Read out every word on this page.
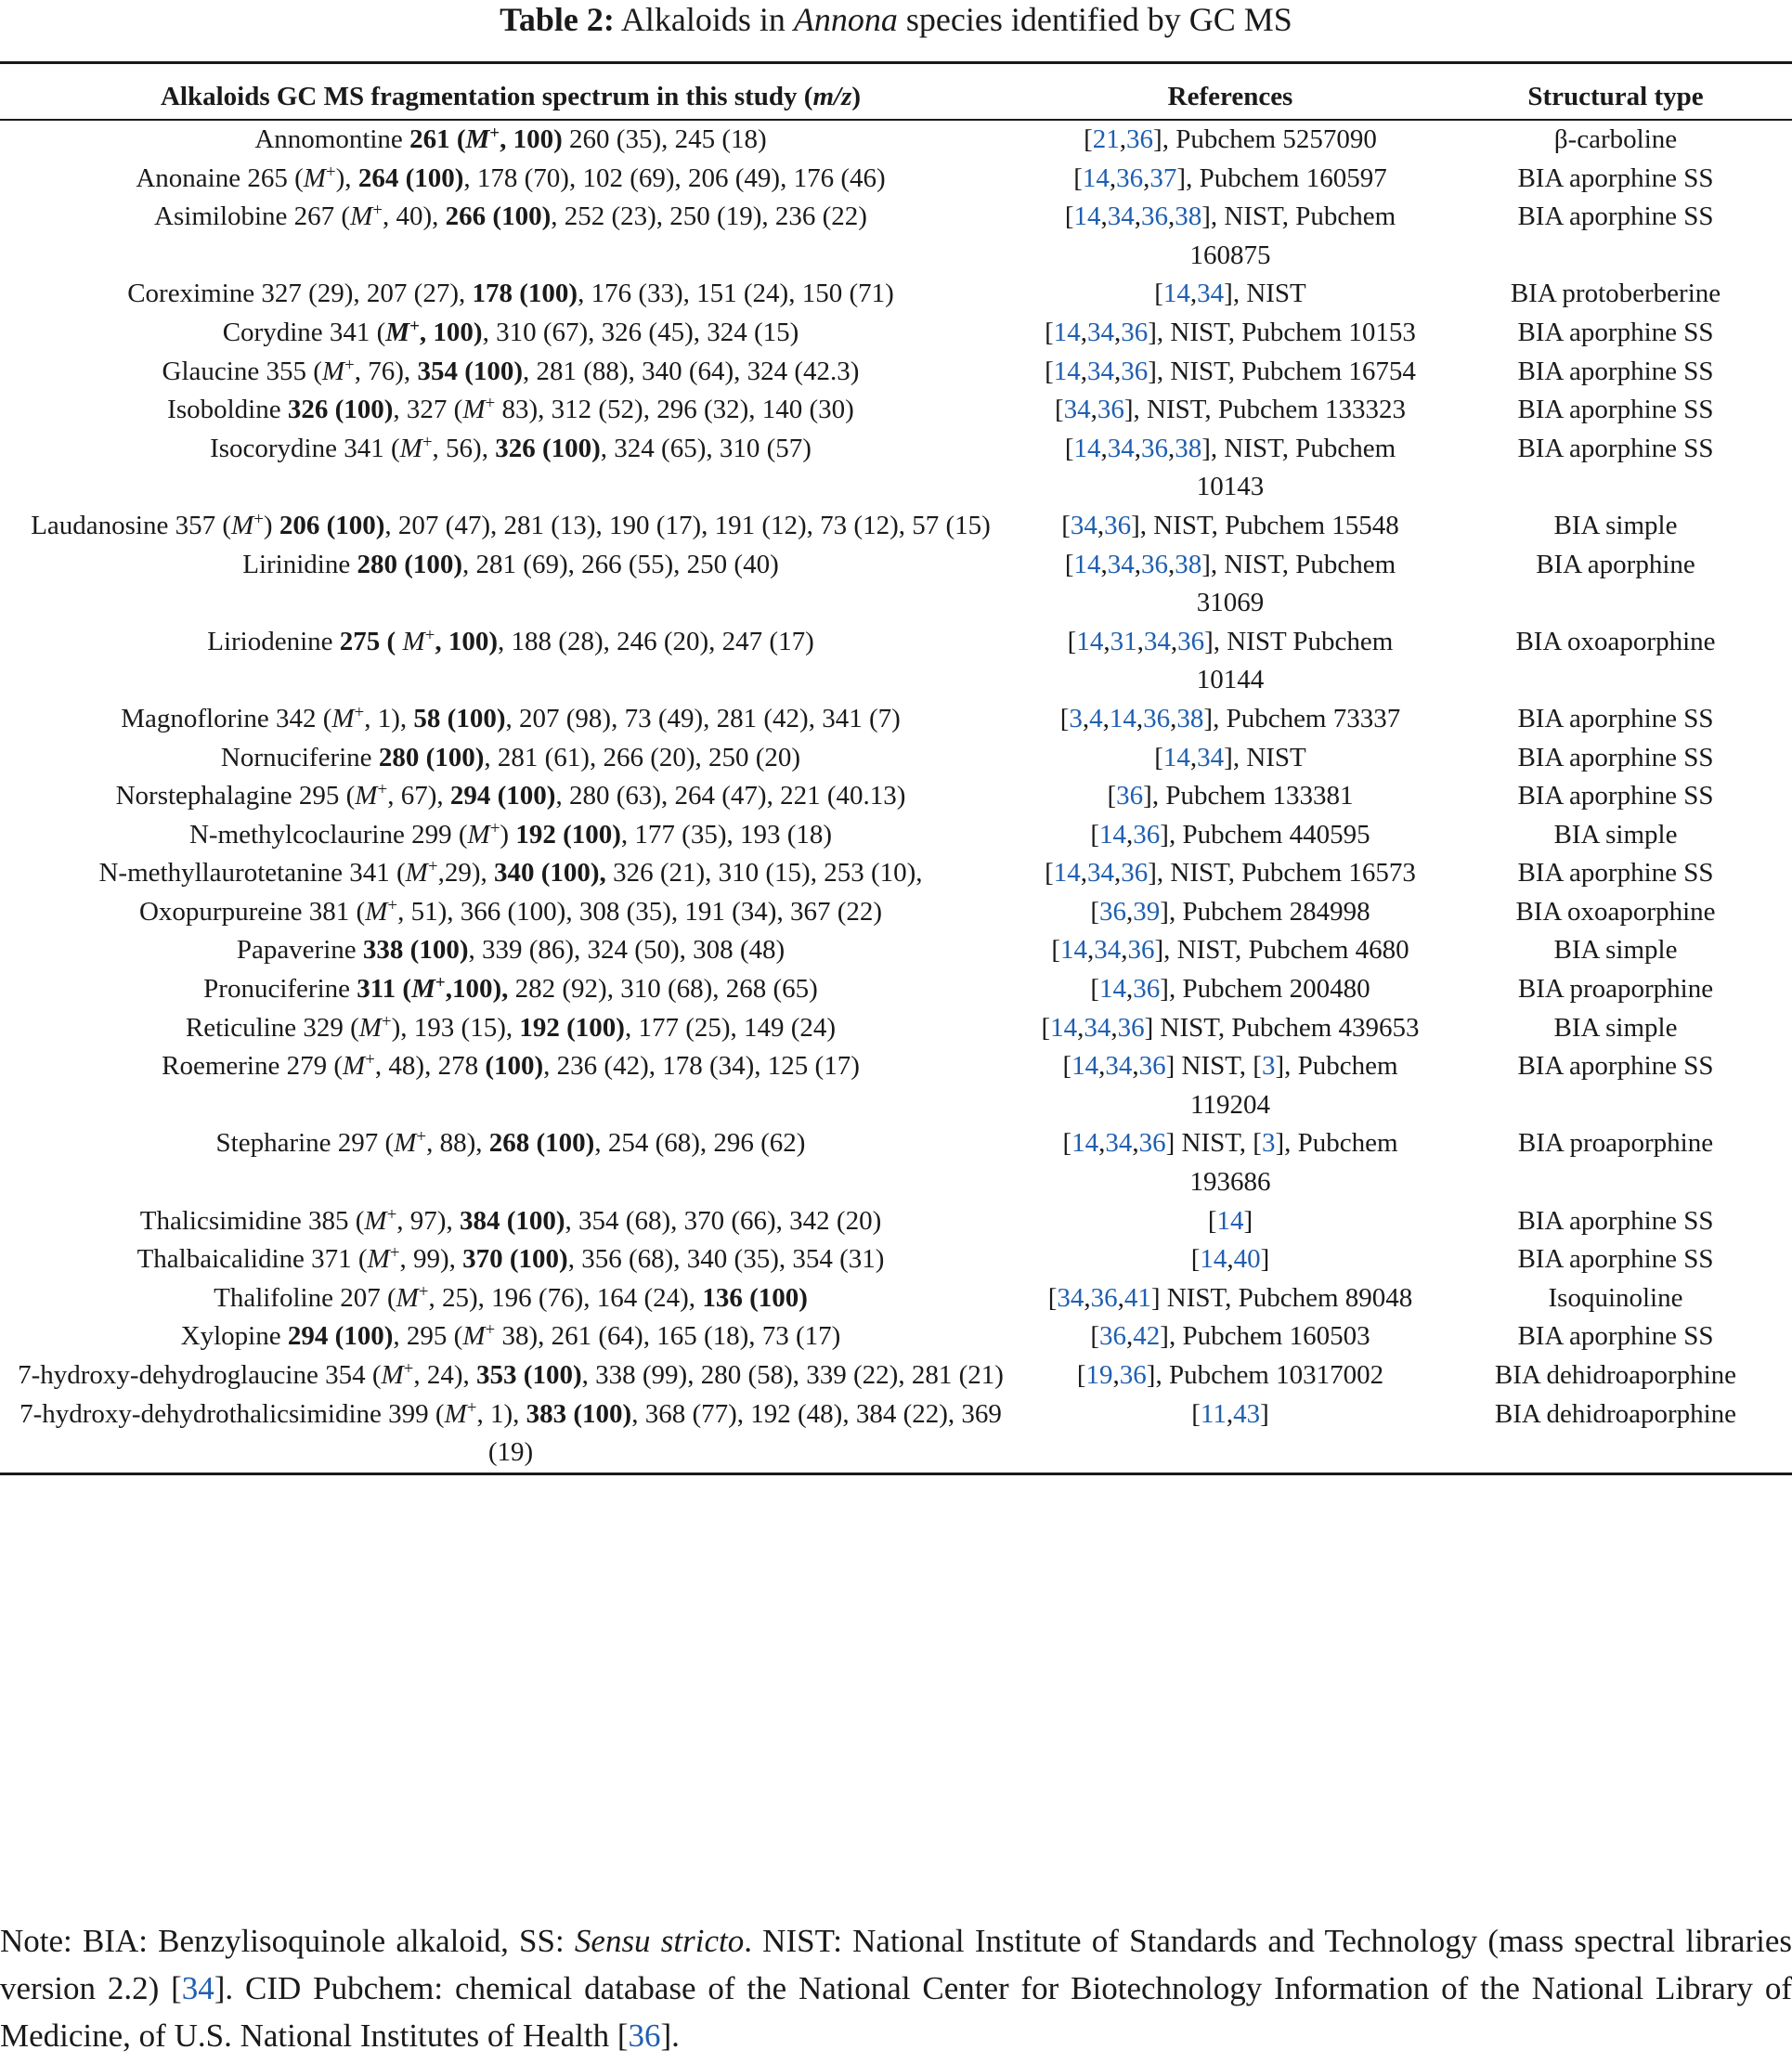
Table 2: Alkaloids in Annona species identified by GC MS
Alkaloids GC MS fragmentation spectrum in this study (m/z)	References	Structural type
Annomontine 261 (M+, 100) 260 (35), 245 (18)	[21,36], Pubchem 5257090	β-carboline
Anonaine 265 (M+), 264 (100), 178 (70), 102 (69), 206 (49), 176 (46)	[14,36,37], Pubchem 160597	BIA aporphine SS
Asimilobine 267 (M+, 40), 266 (100), 252 (23), 250 (19), 236 (22)	[14,34,36,38], NIST, Pubchem 160875	BIA aporphine SS
Coreximine 327 (29), 207 (27), 178 (100), 176 (33), 151 (24), 150 (71)	[14,34], NIST	BIA protoberberine
Corydine 341 (M+, 100), 310 (67), 326 (45), 324 (15)	[14,34,36], NIST, Pubchem 10153	BIA aporphine SS
Glaucine 355 (M+, 76), 354 (100), 281 (88), 340 (64), 324 (42.3)	[14,34,36], NIST, Pubchem 16754	BIA aporphine SS
Isoboldine 326 (100), 327 (M+ 83), 312 (52), 296 (32), 140 (30)	[34,36], NIST, Pubchem 133323	BIA aporphine SS
Isocorydine 341 (M+, 56), 326 (100), 324 (65), 310 (57)	[14,34,36,38], NIST, Pubchem 10143	BIA aporphine SS
Laudanosine 357 (M+) 206 (100), 207 (47), 281 (13), 190 (17), 191 (12), 73 (12), 57 (15)	[34,36], NIST, Pubchem 15548	BIA simple
Lirinidine 280 (100), 281 (69), 266 (55), 250 (40)	[14,34,36,38], NIST, Pubchem 31069	BIA aporphine
Liriodenine 275 ( M+, 100), 188 (28), 246 (20), 247 (17)	[14,31,34,36], NIST Pubchem 10144	BIA oxoaporphine
Magnoflorine 342 (M+, 1), 58 (100), 207 (98), 73 (49), 281 (42), 341 (7)	[3,4,14,36,38], Pubchem 73337	BIA aporphine SS
Nornuciferine 280 (100), 281 (61), 266 (20), 250 (20)	[14,34], NIST	BIA aporphine SS
Norstephalagine 295 (M+, 67), 294 (100), 280 (63), 264 (47), 221 (40.13)	[36], Pubchem 133381	BIA aporphine SS
N-methylcoclaurine 299 (M+) 192 (100), 177 (35), 193 (18)	[14,36], Pubchem 440595	BIA simple
N-methyllaurotetanine 341 (M+,29), 340 (100), 326 (21), 310 (15), 253 (10),	[14,34,36], NIST, Pubchem 16573	BIA aporphine SS
Oxopurpureine 381 (M+, 51), 366 (100), 308 (35), 191 (34), 367 (22)	[36,39], Pubchem 284998	BIA oxoaporphine
Papaverine 338 (100), 339 (86), 324 (50), 308 (48)	[14,34,36], NIST, Pubchem 4680	BIA simple
Pronuciferine 311 (M+,100), 282 (92), 310 (68), 268 (65)	[14,36], Pubchem 200480	BIA proaporphine
Reticuline 329 (M+), 193 (15), 192 (100), 177 (25), 149 (24)	[14,34,36] NIST, Pubchem 439653	BIA simple
Roemerine 279 (M+, 48), 278 (100), 236 (42), 178 (34), 125 (17)	[14,34,36] NIST, [3], Pubchem 119204	BIA aporphine SS
Stepharine 297 (M+, 88), 268 (100), 254 (68), 296 (62)	[14,34,36] NIST, [3], Pubchem 193686	BIA proaporphine
Thalicsimidine 385 (M+, 97), 384 (100), 354 (68), 370 (66), 342 (20)	[14]	BIA aporphine SS
Thalbaicalidine 371 (M+, 99), 370 (100), 356 (68), 340 (35), 354 (31)	[14,40]	BIA aporphine SS
Thalifoline 207 (M+, 25), 196 (76), 164 (24), 136 (100)	[34,36,41] NIST, Pubchem 89048	Isoquinoline
Xylopine 294 (100), 295 (M+ 38), 261 (64), 165 (18), 73 (17)	[36,42], Pubchem 160503	BIA aporphine SS
7-hydroxy-dehydroglaucine 354 (M+, 24), 353 (100), 338 (99), 280 (58), 339 (22), 281 (21)	[19,36], Pubchem 10317002	BIA dehidroaporphine
7-hydroxy-dehydrothalicsimidine 399 (M+, 1), 383 (100), 368 (77), 192 (48), 384 (22), 369 (19)	[11,43]	BIA dehidroaporphine
Note: BIA: Benzylisoquinole alkaloid, SS: Sensu stricto. NIST: National Institute of Standards and Technology (mass spectral libraries version 2.2) [34]. CID Pubchem: chemical database of the National Center for Biotechnology Information of the National Library of Medicine, of U.S. National Institutes of Health [36].
